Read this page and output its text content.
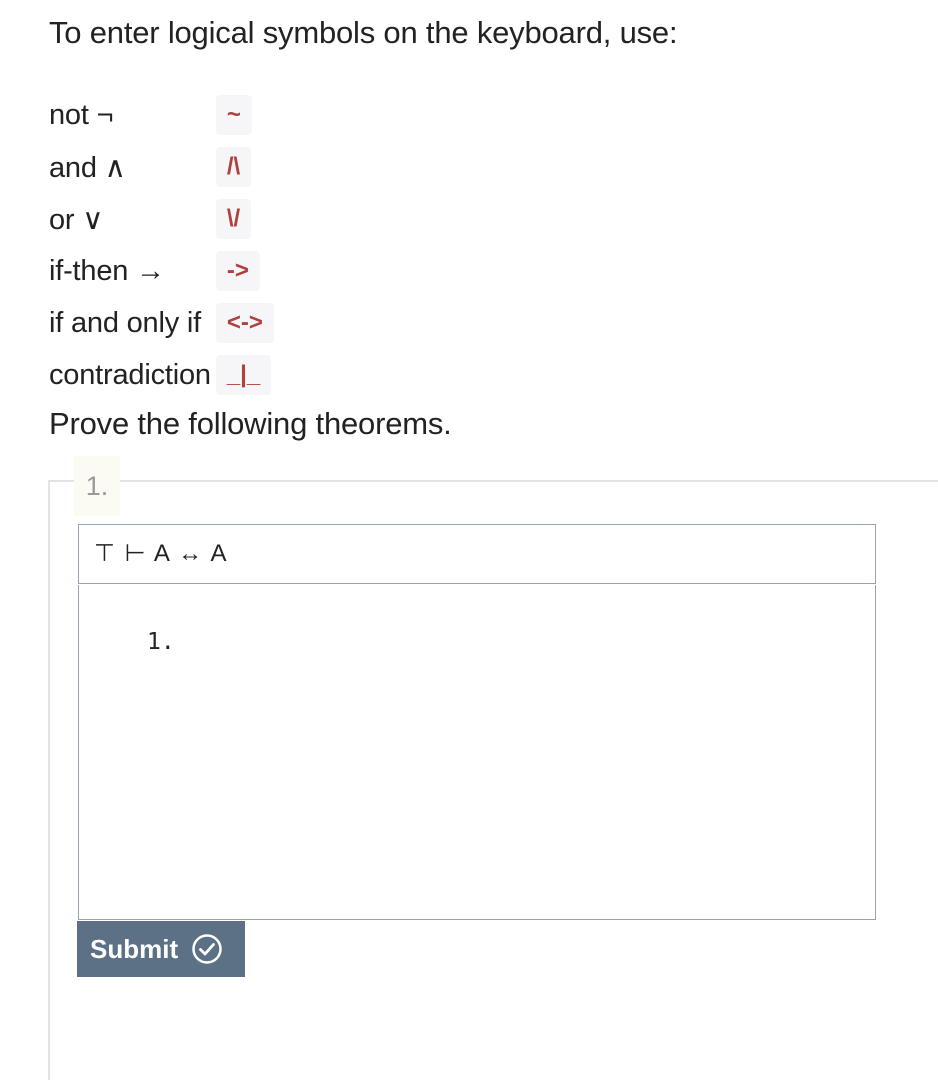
To enter logical symbols on the keyboard, use:
not ¬	~
and ∧	/\
or ∨	\/
if-then →	->
if and only if	<->
contradiction	_|_
Prove the following theorems.
1.
⊤ ⊢ A ↔ A
1.
Submit
